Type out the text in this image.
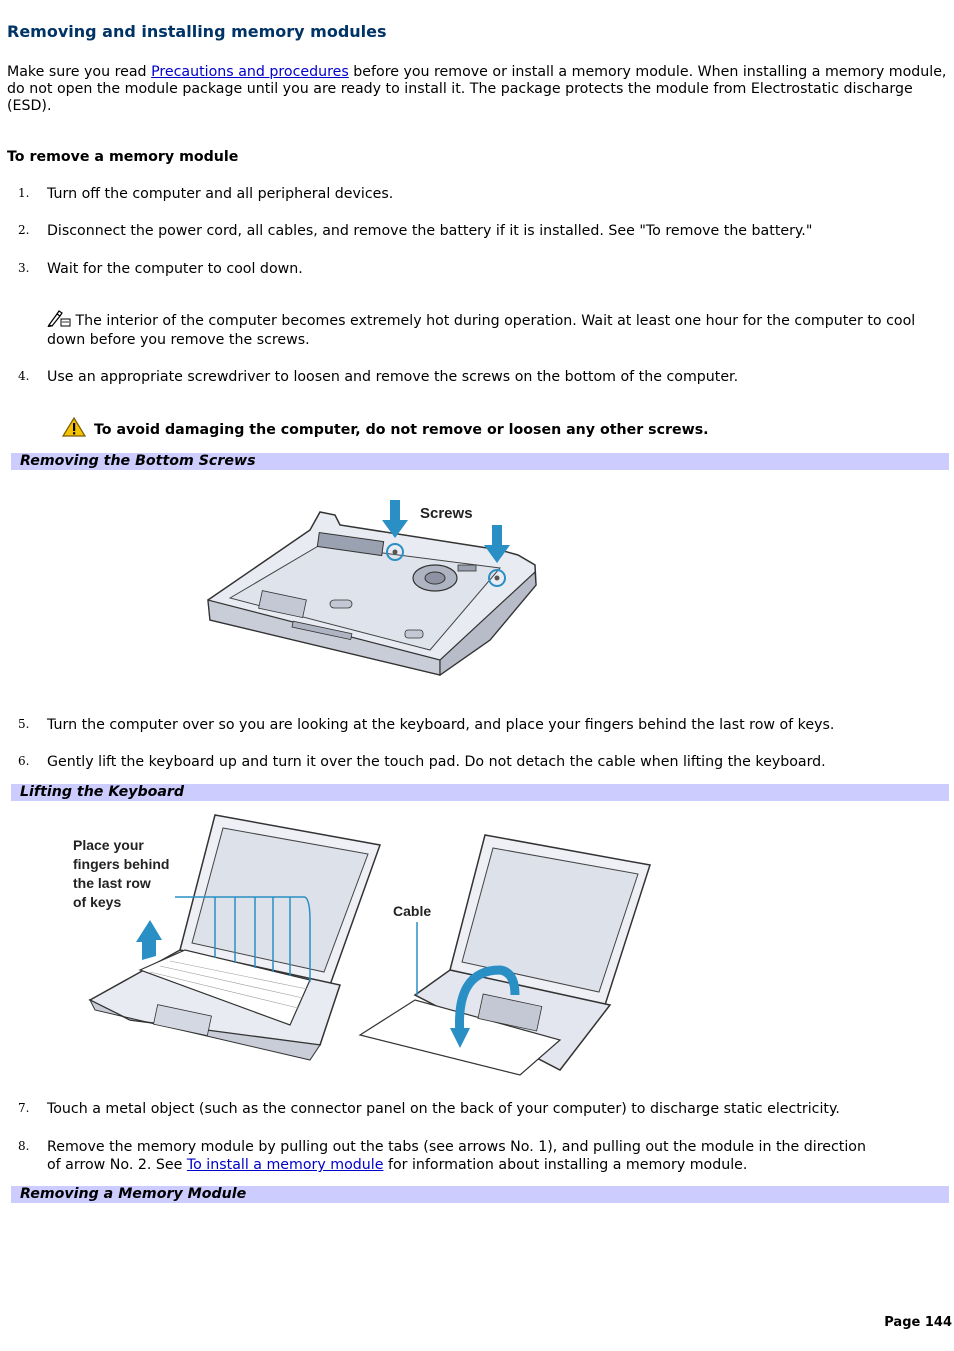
Removing and installing memory modules
Make sure you read Precautions and procedures before you remove or install a memory module. When installing a memory module, do not open the module package until you are ready to install it. The package protects the module from Electrostatic discharge (ESD).
To remove a memory module
1. Turn off the computer and all peripheral devices.
2. Disconnect the power cord, all cables, and remove the battery if it is installed. See "To remove the battery."
3. Wait for the computer to cool down.
The interior of the computer becomes extremely hot during operation. Wait at least one hour for the computer to cool down before you remove the screws.
4. Use an appropriate screwdriver to loosen and remove the screws on the bottom of the computer.
To avoid damaging the computer, do not remove or loosen any other screws.
Removing the Bottom Screws
Screws
5. Turn the computer over so you are looking at the keyboard, and place your fingers behind the last row of keys.
6. Gently lift the keyboard up and turn it over the touch pad. Do not detach the cable when lifting the keyboard.
Lifting the Keyboard
Place your
fingers behind
the last row
of keys
Cable
7. Touch a metal object (such as the connector panel on the back of your computer) to discharge static electricity.
8. Remove the memory module by pulling out the tabs (see arrows No. 1), and pulling out the module in the direction of arrow No. 2. See To install a memory module for information about installing a memory module.
Removing a Memory Module
Page 144
